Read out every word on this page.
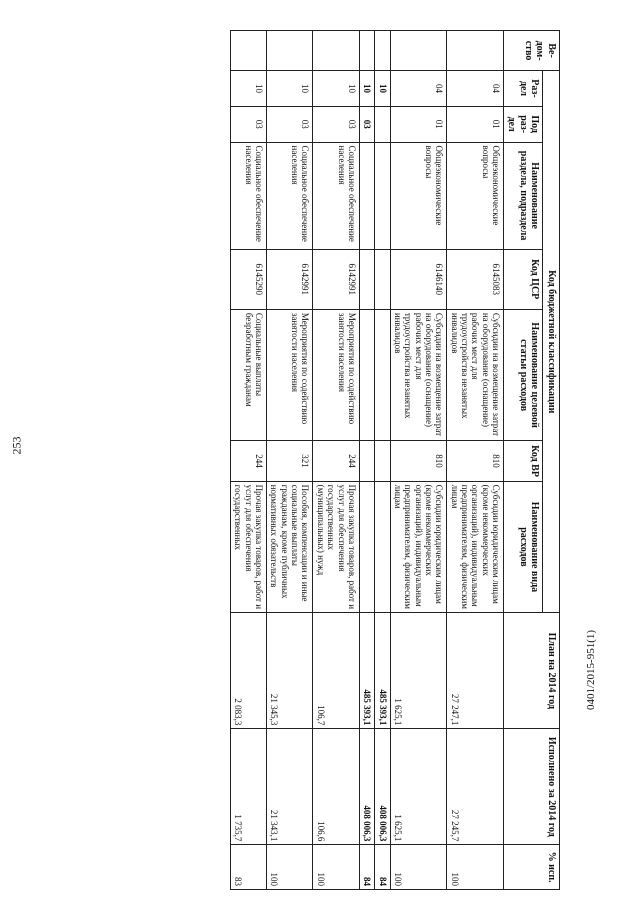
253
Ве-дом-ство	Код бюджетной классификации							План на 2014 год	Исполнено за 2014 год	% исп.
	Раз-дел	Под раз-дел	Наименование раздела, подраздела	Код ЦСР	Наименование целевой статьи расходов	Код ВР	Наименование вида расходов			
	04	01	Общеэкономические вопросы	6145083	Субсидии на возмещение затрат на оборудование (оснащение) рабочих мест для трудоустройства незанятых инвалидов	810	Субсидии юридическим лицам (кроме некоммерческих организаций), индивидуальным предпринимателям, физическим лицам	27 247,1	27 245,7	100
	04	01	Общеэкономические вопросы	6146140	Субсидии на возмещение затрат на оборудование (оснащение) рабочих мест для трудоустройства незанятых инвалидов	810	Субсидии юридическим лицам (кроме некоммерческих организаций), индивидуальным предпринимателям, физическим лицам	1 625,1	1 625,1	100
	10							485 393,1	408 006,3	84
	10	03						485 393,1	408 006,3	84
	10	03	Социальное обеспечение населения	6142991	Мероприятия по содействию занятости населения	244	Прочая закупка товаров, работ и услуг для обеспечения государственных (муниципальных) нужд	106,7	106,6	100
	10	03	Социальное обеспечение населения	6142991	Мероприятия по содействию занятости населения	321	Пособия, компенсации и иные социальные выплаты гражданам, кроме публичных нормативных обязательств	21 345,3	21 343,1	100
	10	03	Социальное обеспечение населения	6145290	Социальные выплаты безработным гражданам	244	Прочая закупка товаров, работ и услуг для обеспечения государственных	2 083,3	1 735,7	83
0401/2015-951(1)
